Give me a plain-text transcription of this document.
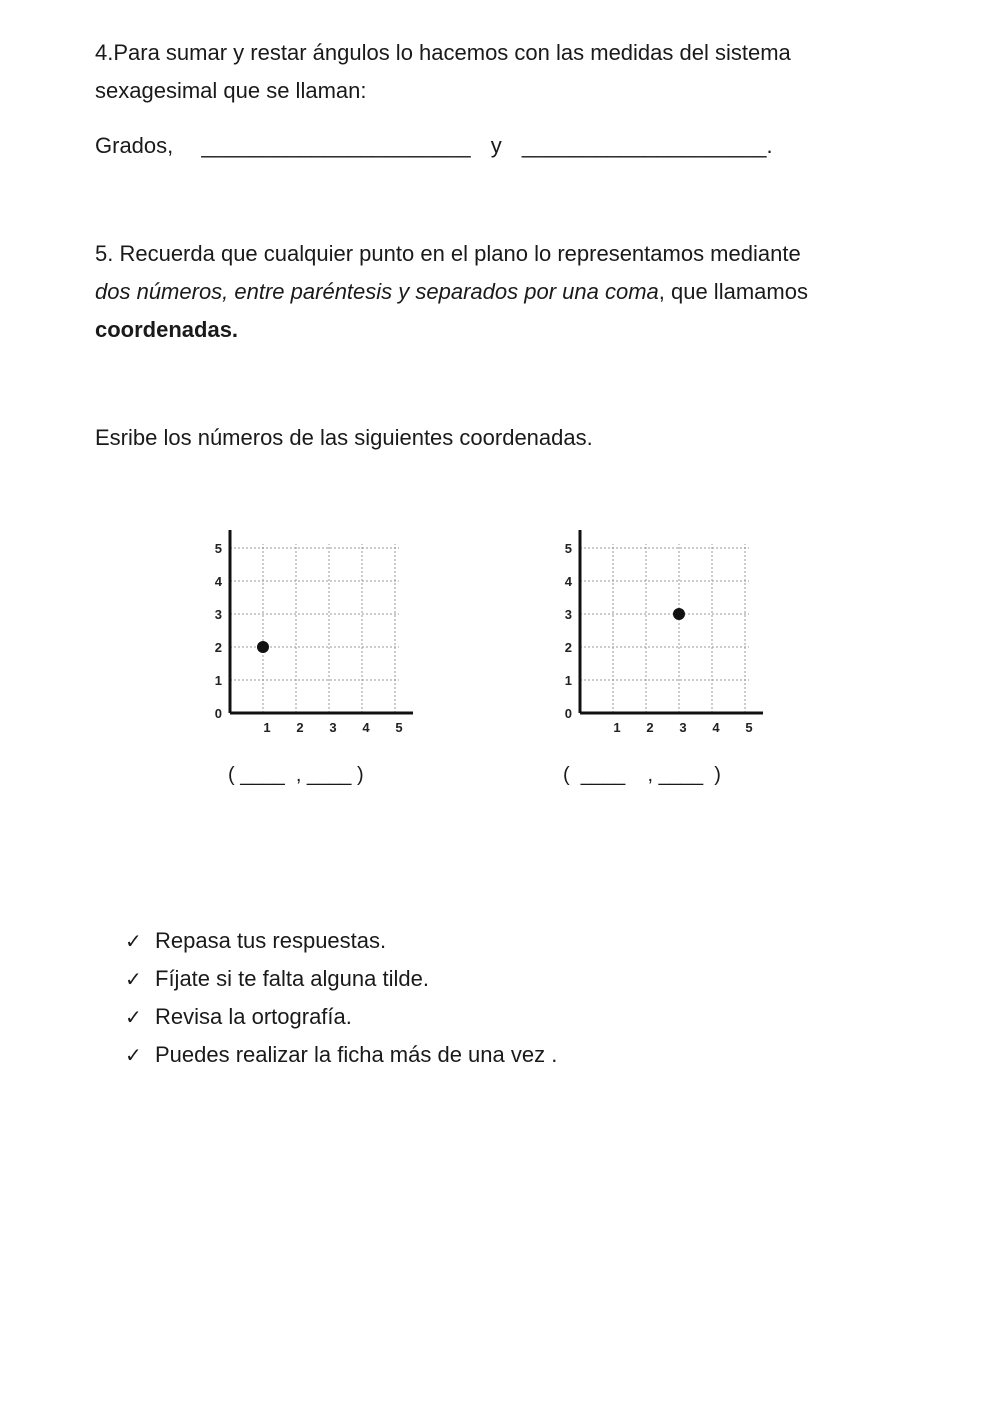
4.Para sumar y restar ángulos lo hacemos con las medidas del sistema
sexagesimal que se llaman:
Grados, ______________________ y ____________________.
5. Recuerda que cualquier punto en el plano lo representamos mediante
dos números, entre paréntesis y separados por una coma, que llamamos
coordenadas.
Esribe los números de las siguientes coordenadas.
0
1
2
3
4
5
1 2 3 4 5
0
1
2
3
4
5
1 2 3 4 5
( ____  , ____ )	(  ____    , ____  )
✓ Repasa tus respuestas.
✓ Fíjate si te falta alguna tilde.
✓ Revisa la ortografía.
✓ Puedes realizar la ficha más de una vez .
